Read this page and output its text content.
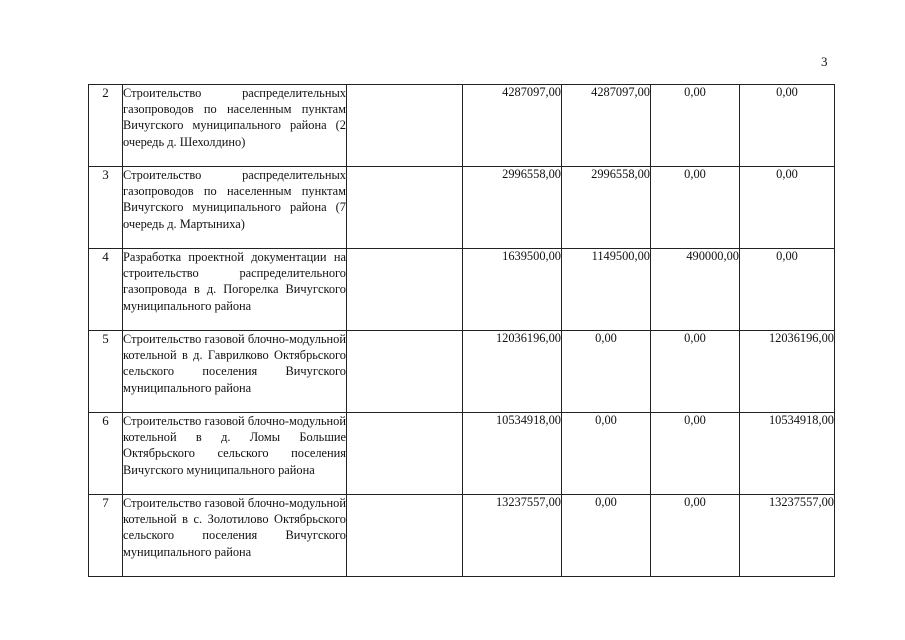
3
2	Строительство распределительных газопроводов по населенным пунктам Вичугского муниципального района (2 очередь д. Шехолдино)		4287097,00	4287097,00	0,00	0,00
3	Строительство распределительных газопроводов по населенным пунктам Вичугского муниципального района (7 очередь д. Мартыниха)		2996558,00	2996558,00	0,00	0,00
4	Разработка проектной документации на строительство распределительного газопровода в д. Погорелка Вичугского муниципального района		1639500,00	1149500,00	490000,00	0,00
5	Строительство газовой блочно-модульной котельной в д. Гаврилково Октябрьского сельского поселения Вичугского муниципального района		12036196,00	0,00	0,00	12036196,00
6	Строительство газовой блочно-модульной котельной в д. Ломы Большие Октябрьского сельского поселения Вичугского муниципального района		10534918,00	0,00	0,00	10534918,00
7	Строительство газовой блочно-модульной котельной в с. Золотилово Октябрьского сельского поселения Вичугского муниципального района		13237557,00	0,00	0,00	13237557,00
